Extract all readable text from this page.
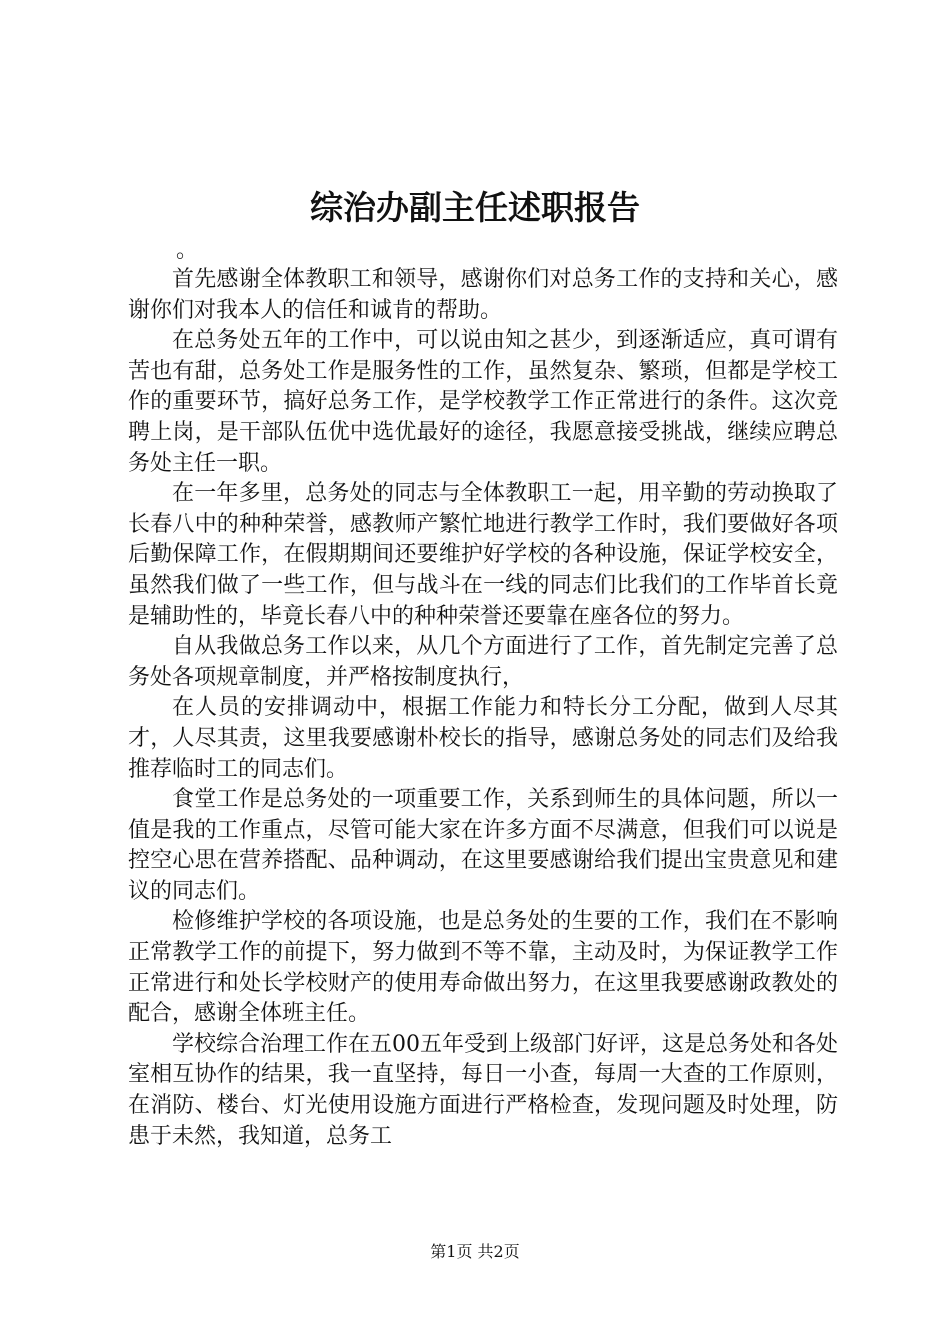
综治办副主任述职报告
。

首先感谢全体教职工和领导，感谢你们对总务工作的支持和关心，感谢你们对我本人的信任和诚肯的帮助。

在总务处五年的工作中，可以说由知之甚少，到逐渐适应，真可谓有苦也有甜，总务处工作是服务性的工作，虽然复杂、繁琐，但都是学校工作的重要环节，搞好总务工作，是学校教学工作正常进行的条件。这次竞聘上岗，是干部队伍优中选优最好的途径，我愿意接受挑战，继续应聘总务处主任一职。

在一年多里，总务处的同志与全体教职工一起，用辛勤的劳动换取了长春八中的种种荣誉，感教师产繁忙地进行教学工作时，我们要做好各项后勤保障工作，在假期期间还要维护好学校的各种设施，保证学校安全，虽然我们做了一些工作，但与战斗在一线的同志们比我们的工作毕首长竟是辅助性的，毕竟长春八中的种种荣誉还要靠在座各位的努力。

自从我做总务工作以来，从几个方面进行了工作，首先制定完善了总务处各项规章制度，并严格按制度执行，

在人员的安排调动中，根据工作能力和特长分工分配，做到人尽其才，人尽其责，这里我要感谢朴校长的指导，感谢总务处的同志们及给我推荐临时工的同志们。

食堂工作是总务处的一项重要工作，关系到师生的具体问题，所以一值是我的工作重点，尽管可能大家在许多方面不尽满意，但我们可以说是控空心思在营养搭配、品种调动，在这里要感谢给我们提出宝贵意见和建议的同志们。

检修维护学校的各项设施，也是总务处的生要的工作，我们在不影响正常教学工作的前提下，努力做到不等不靠，主动及时，为保证教学工作正常进行和处长学校财产的使用寿命做出努力，在这里我要感谢政教处的配合，感谢全体班主任。

学校综合治理工作在五00五年受到上级部门好评，这是总务处和各处室相互协作的结果，我一直坚持，每日一小查，每周一大查的工作原则，在消防、楼台、灯光使用设施方面进行严格检查，发现问题及时处理，防患于未然，我知道，总务工

第1页 共2页
